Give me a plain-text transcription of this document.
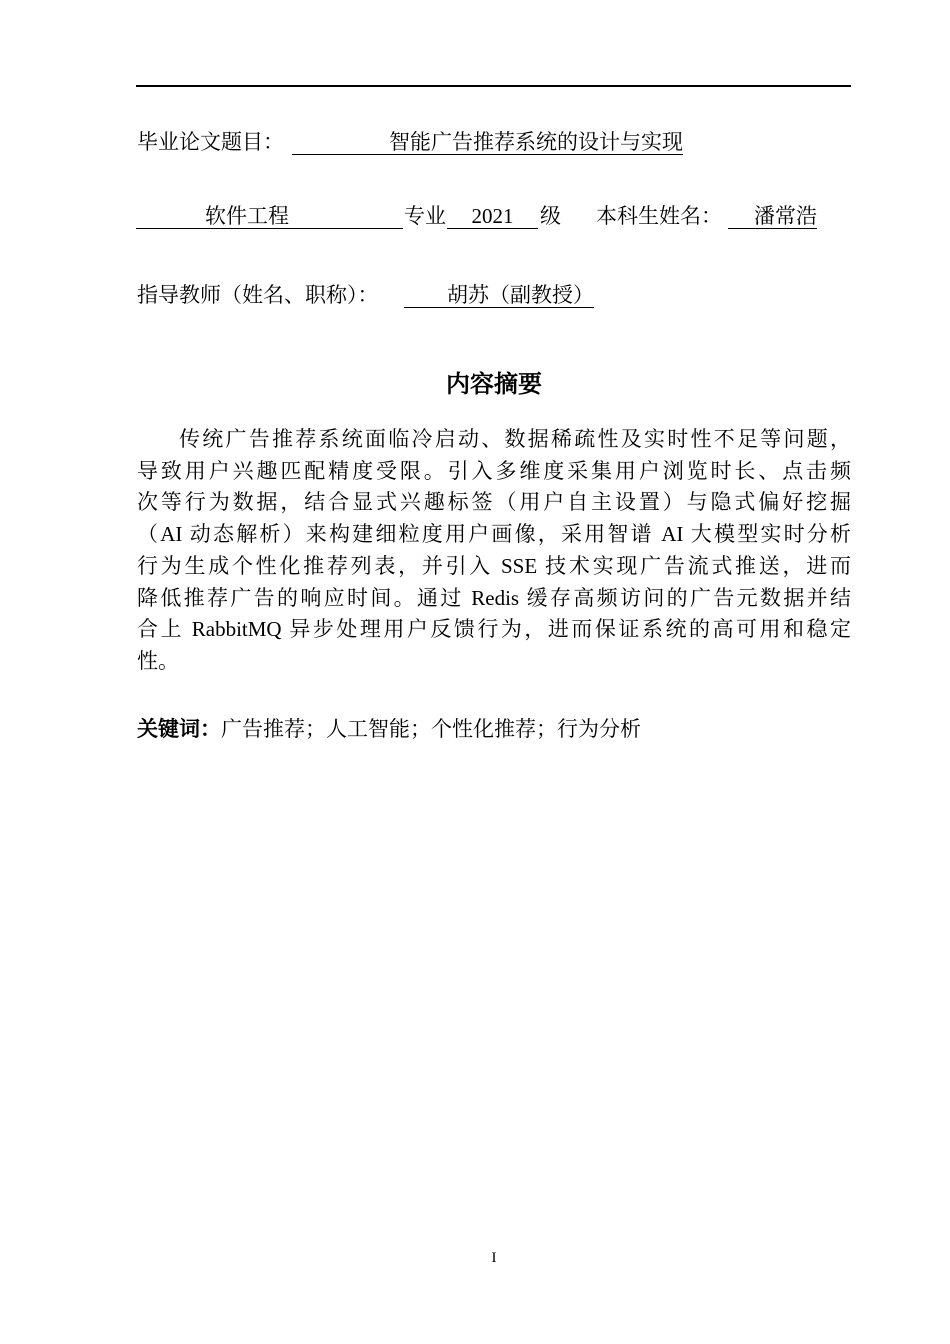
毕业论文题目：	智能广告推荐系统的设计与实现
软件工程	专业	2021	级 本科生姓名：	潘常浩
指导教师（姓名、职称）：	胡苏（副教授）
内容摘要
传统广告推荐系统面临冷启动、数据稀疏性及实时性不足等问题，
导致用户兴趣匹配精度受限。引入多维度采集用户浏览时长、点击频
次等行为数据，结合显式兴趣标签（用户自主设置）与隐式偏好挖掘
（AI 动态解析）来构建细粒度用户画像，采用智谱 AI 大模型实时分析
行为生成个性化推荐列表，并引入 SSE 技术实现广告流式推送，进而
降低推荐广告的响应时间。通过 Redis 缓存高频访问的广告元数据并结
合上 RabbitMQ 异步处理用户反馈行为，进而保证系统的高可用和稳定
性。
关键词：广告推荐；人工智能；个性化推荐；行为分析
I
